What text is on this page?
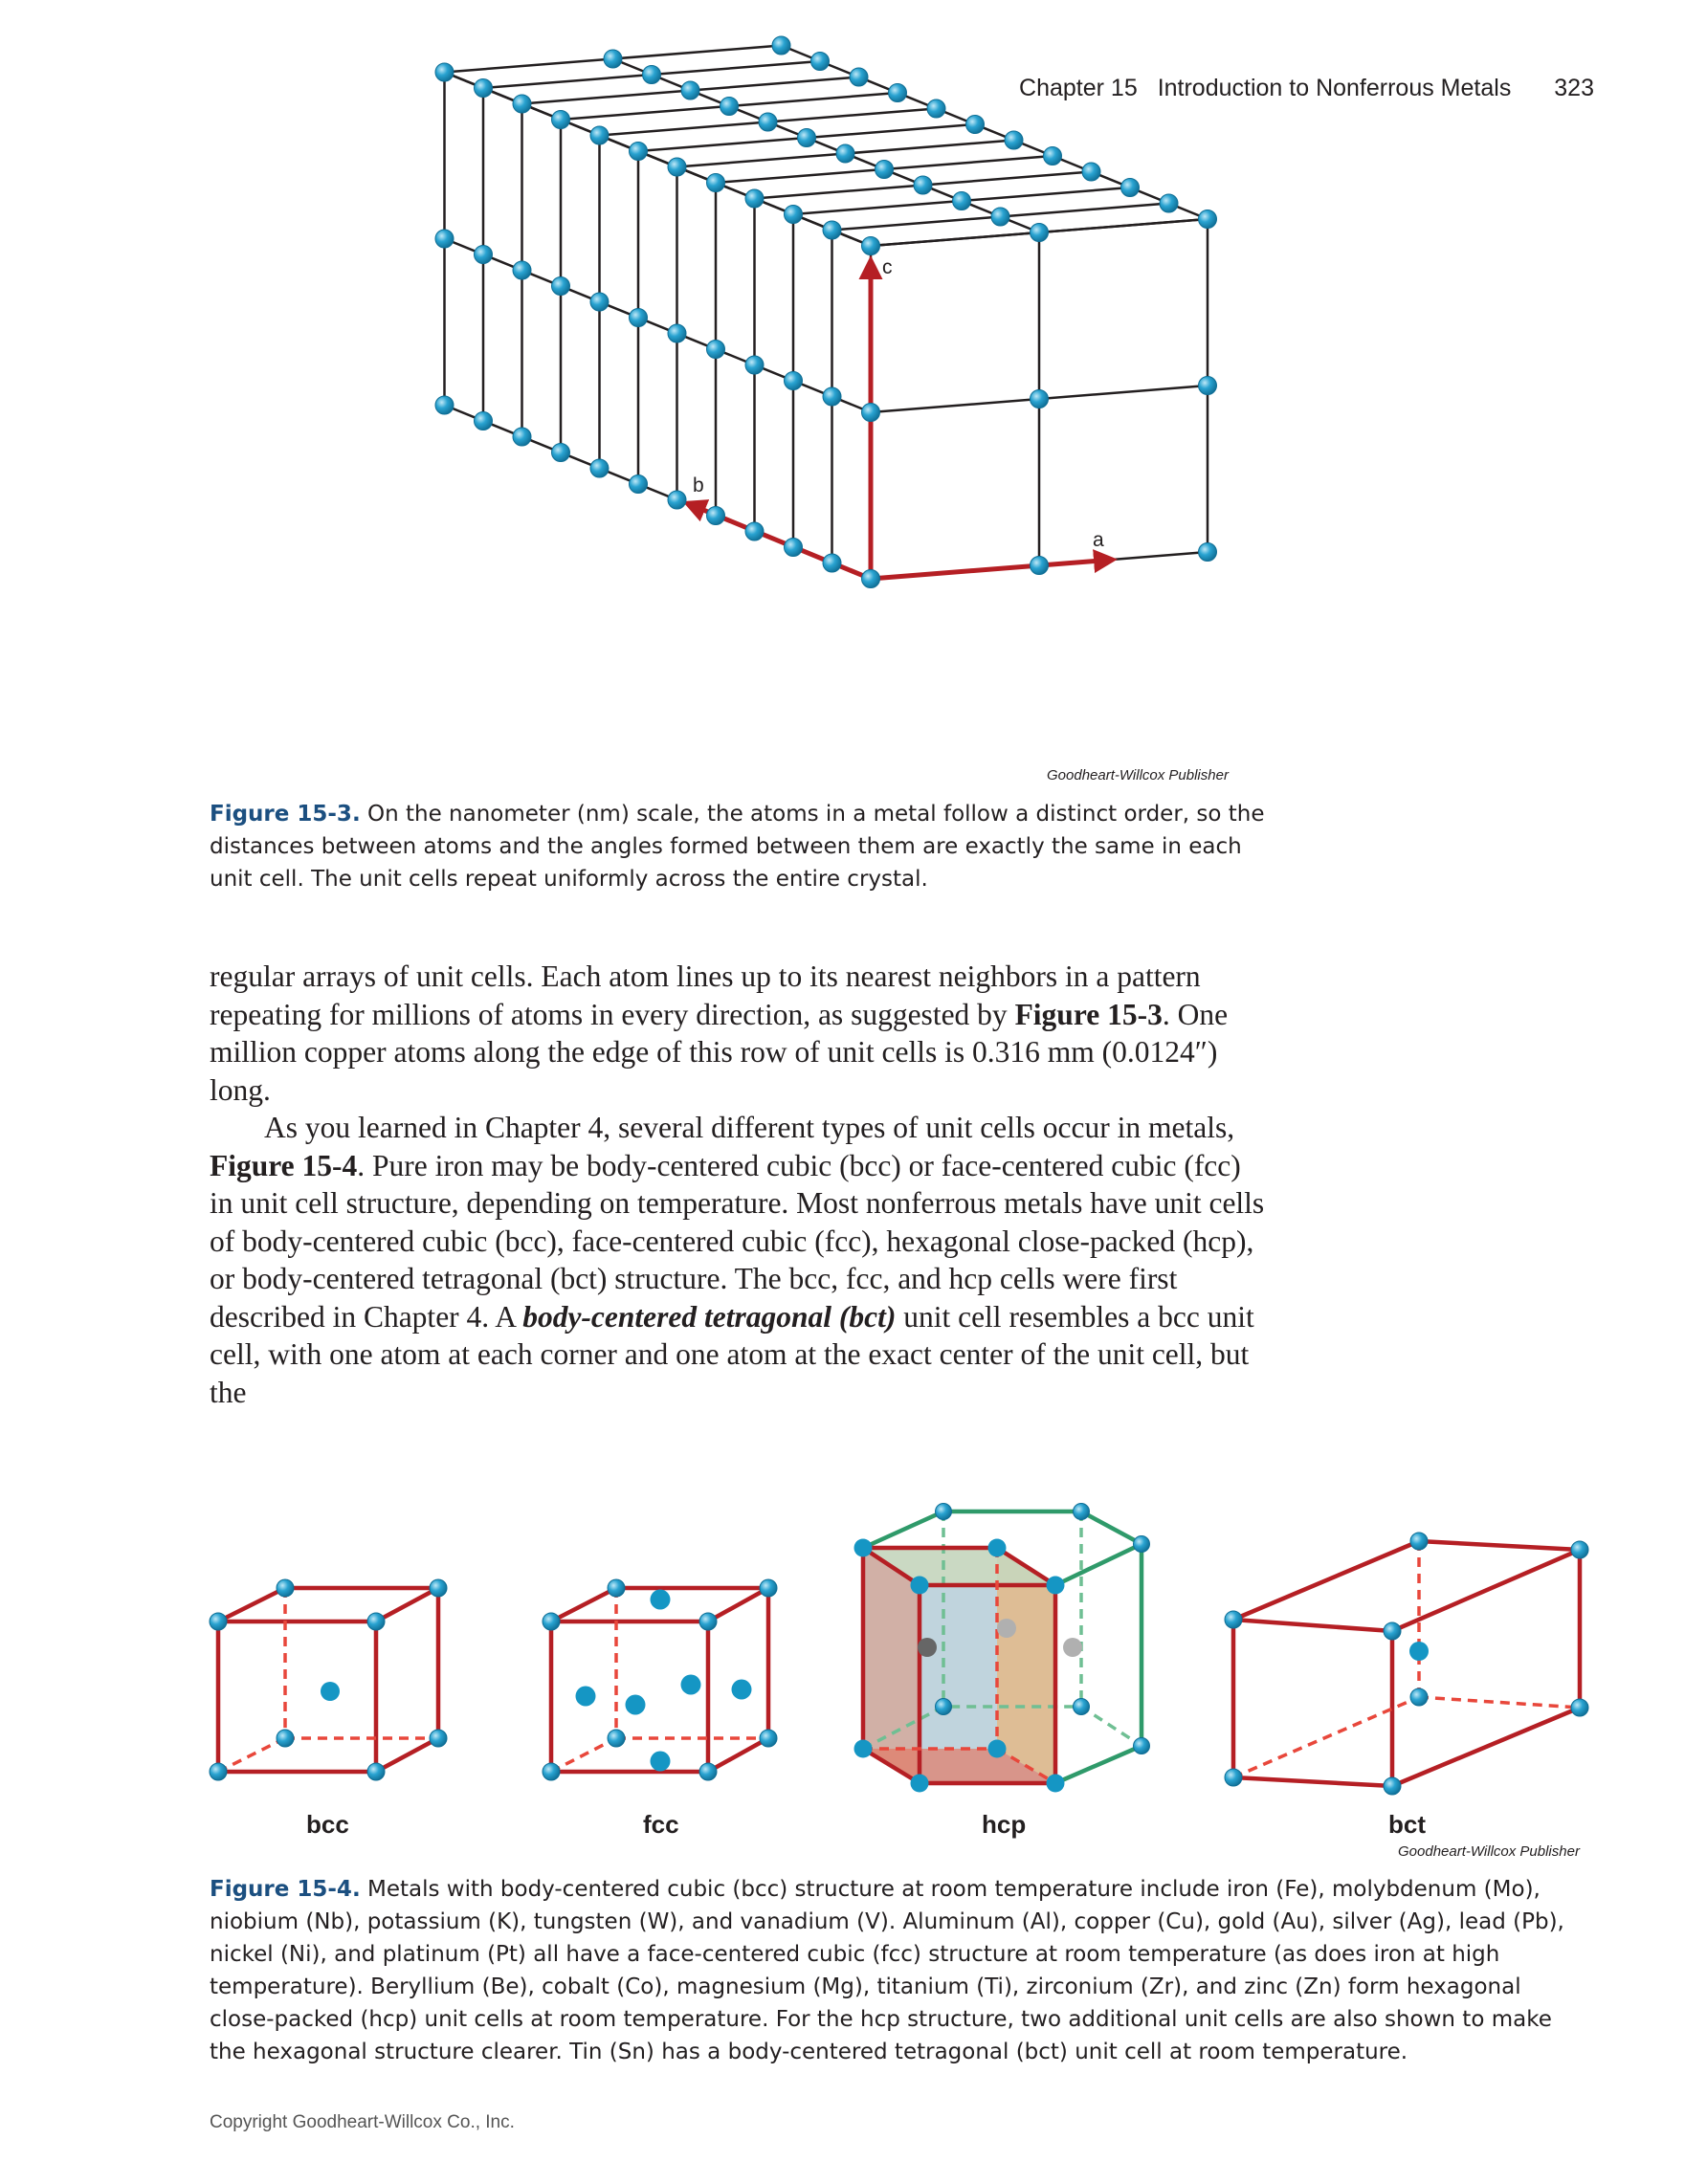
Chapter 15 Introduction to Nonferrous Metals 323
c
a
b
Goodheart-Willcox Publisher
Figure 15-3. On the nanometer (nm) scale, the atoms in a metal follow a distinct order, so the distances between atoms and the angles formed between them are exactly the same in each unit cell. The unit cells repeat uniformly across the entire crystal.

regular arrays of unit cells. Each atom lines up to its nearest neighbors in a pattern repeating for millions of atoms in every direction, as suggested by Figure 15-3. One million copper atoms along the edge of this row of unit cells is 0.316 mm (0.0124″) long.

As you learned in Chapter 4, several different types of unit cells occur in metals, Figure 15-4. Pure iron may be body-centered cubic (bcc) or face-centered cubic (fcc) in unit cell structure, depending on temperature. Most nonferrous metals have unit cells of body-centered cubic (bcc), face-centered cubic (fcc), hexagonal close-packed (hcp), or body-centered tetragonal (bct) structure. The bcc, fcc, and hcp cells were first described in Chapter 4. A body-centered tetragonal (bct) unit cell resembles a bcc unit cell, with one atom at each corner and one atom at the exact center of the unit cell, but the

bcc	fcc	hcp	bct
Goodheart-Willcox Publisher
Figure 15-4. Metals with body-centered cubic (bcc) structure at room temperature include iron (Fe), molybdenum (Mo), niobium (Nb), potassium (K), tungsten (W), and vanadium (V). Aluminum (Al), copper (Cu), gold (Au), silver (Ag), lead (Pb), nickel (Ni), and platinum (Pt) all have a face-centered cubic (fcc) structure at room temperature (as does iron at high temperature). Beryllium (Be), cobalt (Co), magnesium (Mg), titanium (Ti), zirconium (Zr), and zinc (Zn) form hexagonal close-packed (hcp) unit cells at room temperature. For the hcp structure, two additional unit cells are also shown to make the hexagonal structure clearer. Tin (Sn) has a body-centered tetragonal (bct) unit cell at room temperature.
Copyright Goodheart-Willcox Co., Inc.
